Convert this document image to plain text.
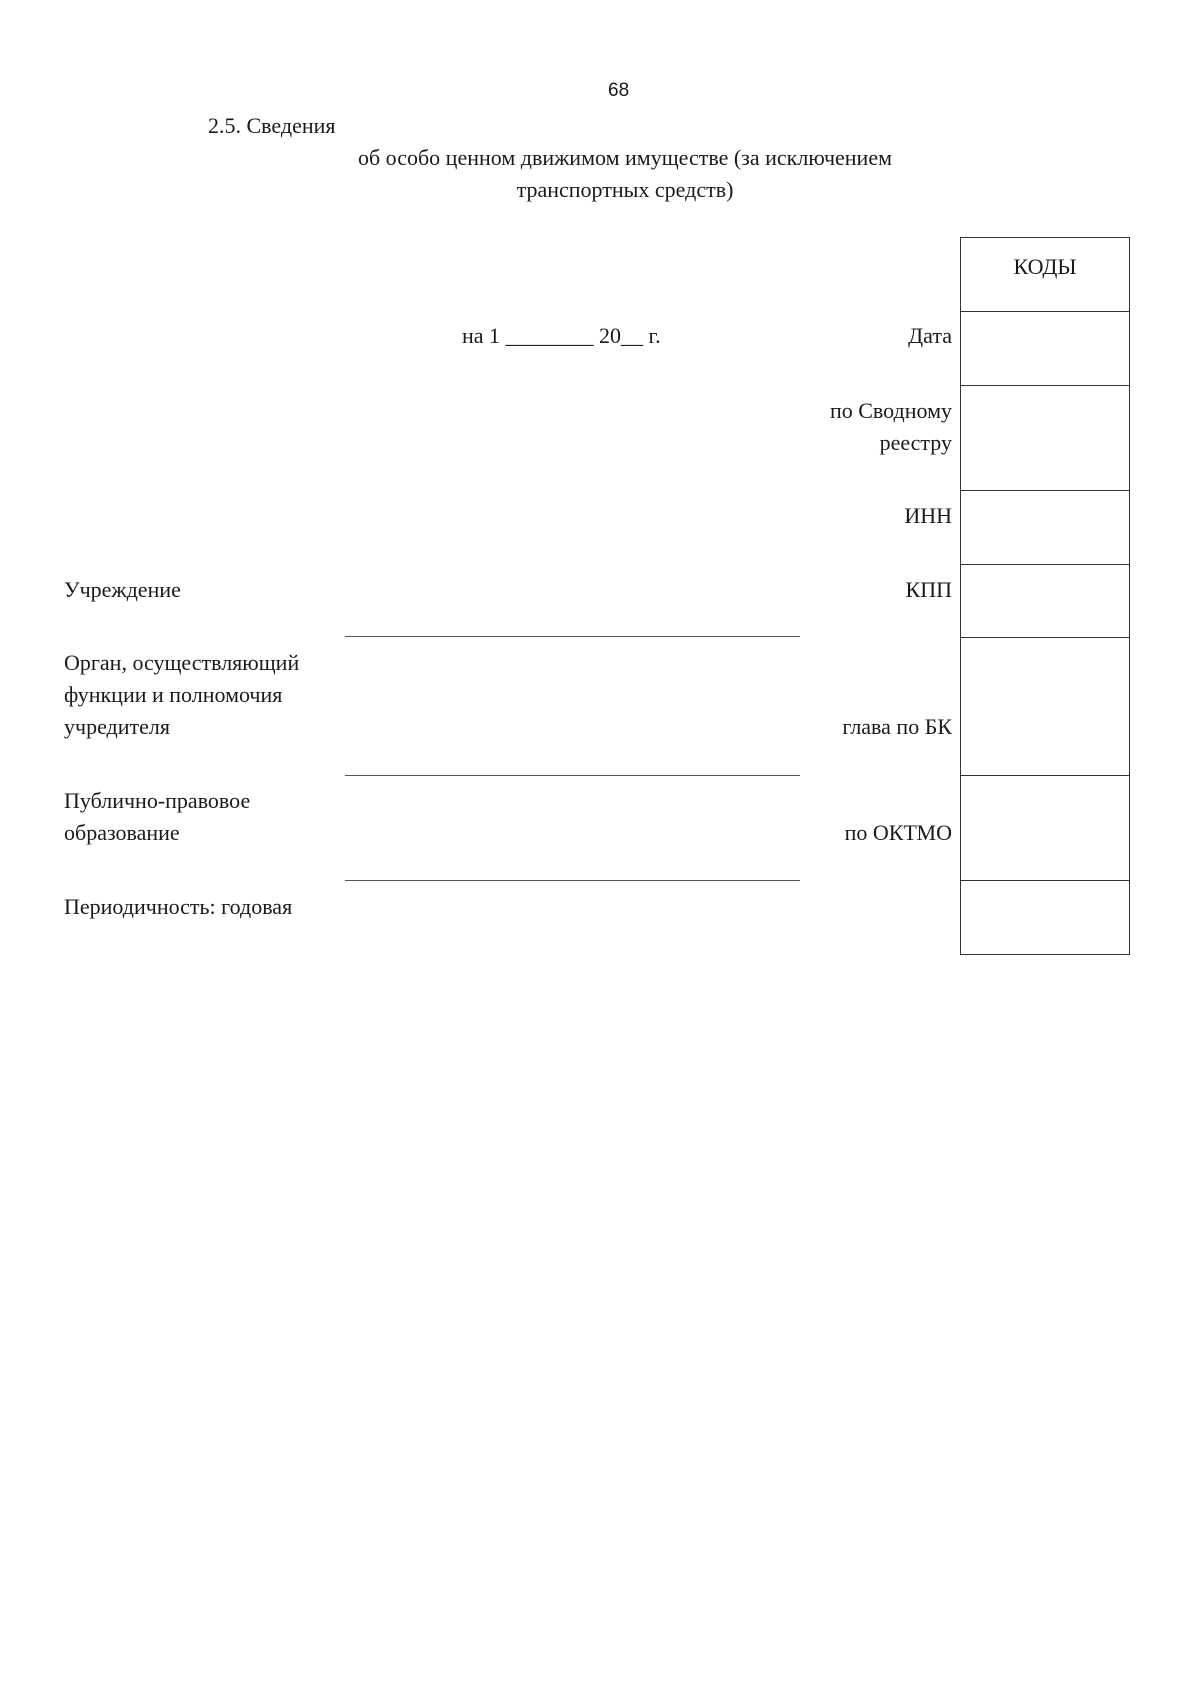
68
2.5. Сведения
об особо ценном движимом имуществе (за исключением
транспортных средств)
на 1 ________ 20__ г.	Дата
по Сводному
реестру
ИНН
КПП
глава по БК
по ОКТМО
Учреждение
Орган, осуществляющий
функции и полномочия
учредителя
Публично-правовое
образование
Периодичность: годовая
КОДЫ
